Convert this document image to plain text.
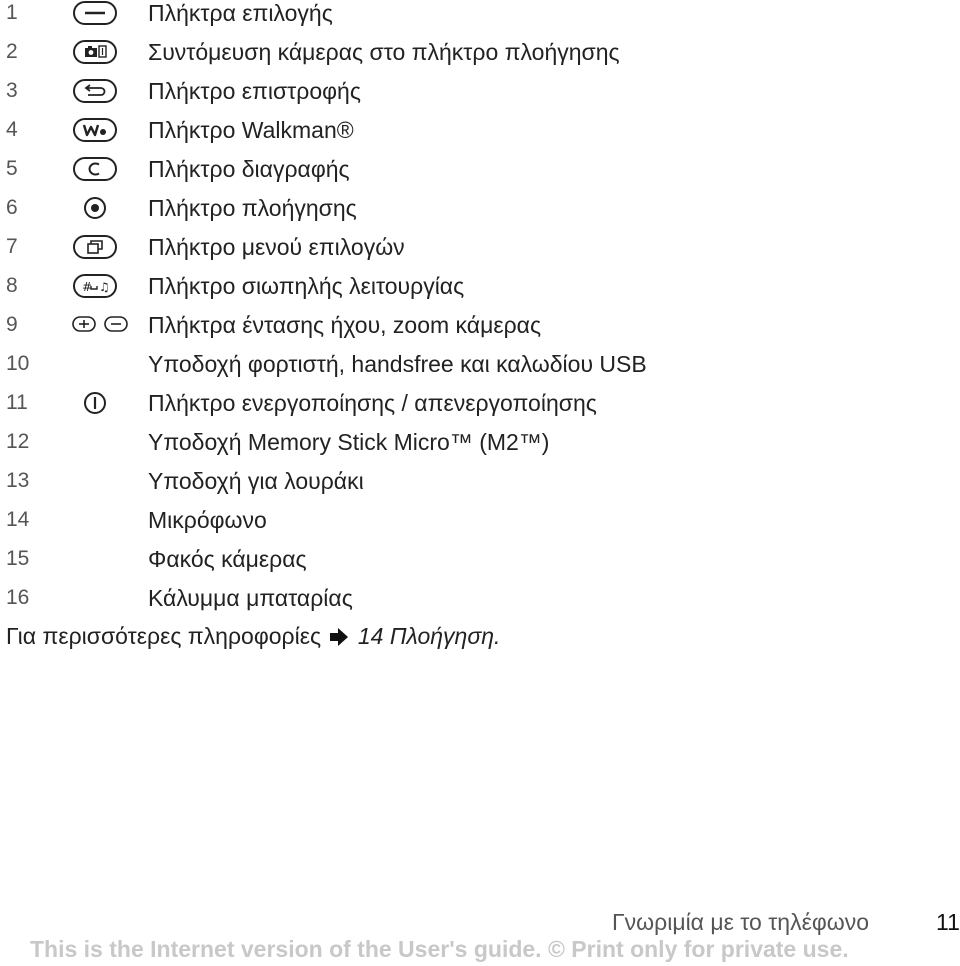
1	Πλήκτρα επιλογής
2	Συντόμευση κάμερας στο πλήκτρο πλοήγησης
3	Πλήκτρο επιστροφής
4	Πλήκτρο Walkman®
5	Πλήκτρο διαγραφής
6	Πλήκτρο πλοήγησης
7	Πλήκτρο μενού επιλογών
8	# ♫ Πλήκτρο σιωπηλής λειτουργίας
9	Πλήκτρα έντασης ήχου, zoom κάμερας
10	Υποδοχή φορτιστή, handsfree και καλωδίου USB
11	Πλήκτρο ενεργοποίησης / απενεργοποίησης
12	Υποδοχή Memory Stick Micro™ (M2™)
13	Υποδοχή για λουράκι
14	Μικρόφωνο
15	Φακός κάμερας
16	Κάλυμμα μπαταρίας
Για περισσότερες πληροφορίες 14 Πλοήγηση.
Γνωριμία με το τηλέφωνο	11
This is the Internet version of the User's guide. © Print only for private use.
